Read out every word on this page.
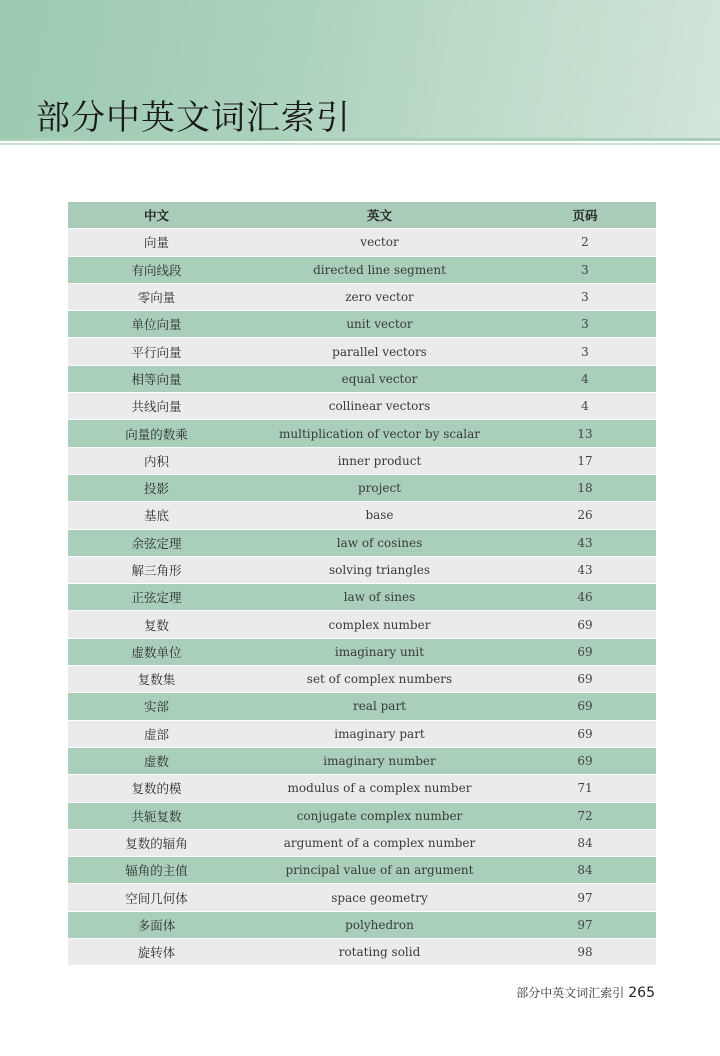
部分中英文词汇索引
中文	英文	页码
向量	vector	2
有向线段	directed line segment	3
零向量	zero vector	3
单位向量	unit vector	3
平行向量	parallel vectors	3
相等向量	equal vector	4
共线向量	collinear vectors	4
向量的数乘	multiplication of vector by scalar	13
内积	inner product	17
投影	project	18
基底	base	26
余弦定理	law of cosines	43
解三角形	solving triangles	43
正弦定理	law of sines	46
复数	complex number	69
虚数单位	imaginary unit	69
复数集	set of complex numbers	69
实部	real part	69
虚部	imaginary part	69
虚数	imaginary number	69
复数的模	modulus of a complex number	71
共轭复数	conjugate complex number	72
复数的辐角	argument of a complex number	84
辐角的主值	principal value of an argument	84
空间几何体	space geometry	97
多面体	polyhedron	97
旋转体	rotating solid	98
部分中英文词汇索引 265
